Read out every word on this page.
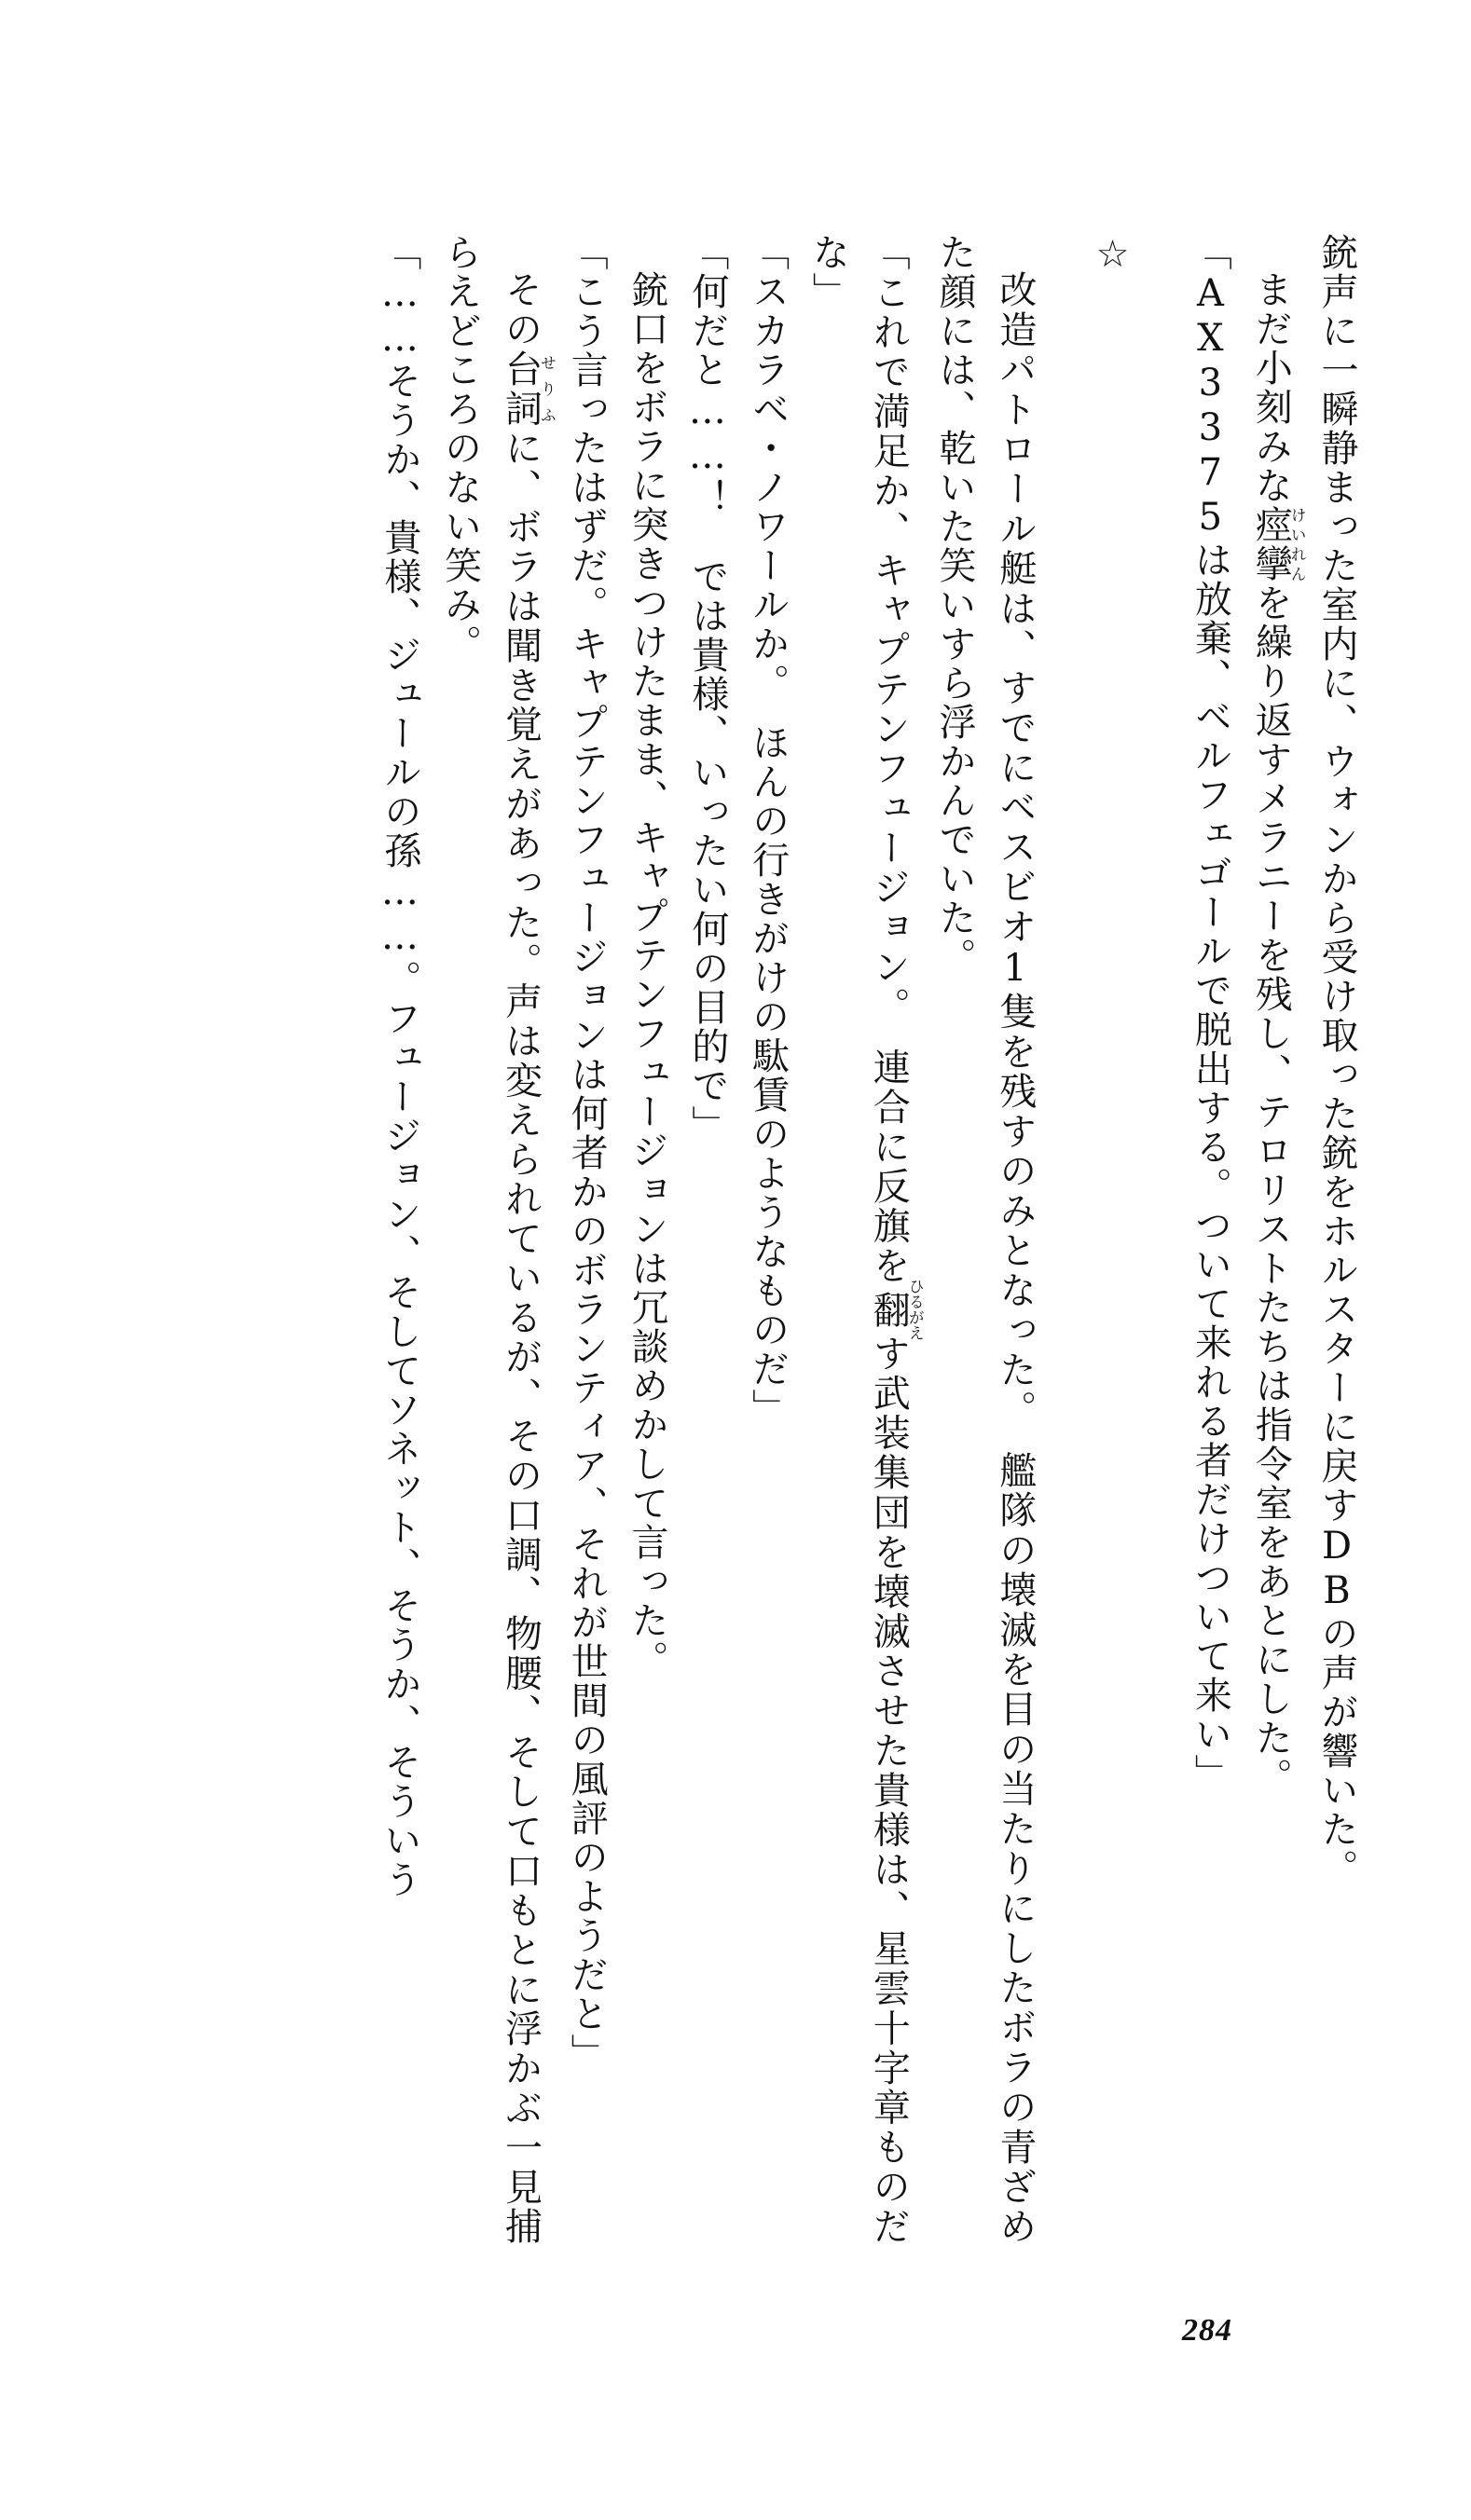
銃声に一瞬静まった室内に、ウォンから受け取った銃をホルスターに戻すDBの声が響いた。

まだ小刻みな痙攣けいれんを繰り返すメラニーを残し、テロリストたちは指令室をあとにした。

「AX3375は放棄、ベルフェゴールで脱出する。ついて来れる者だけついて来い」

☆

改造パトロール艇は、すでにベスビオ1隻を残すのみとなった。　艦隊の壊滅を目の当たりにしたボラの青ざめた顔には、乾いた笑いすら浮かんでいた。

「これで満足か、キャプテンフュージョン。　連合に反旗を翻ひるがえす武装集団を壊滅させた貴様は、星雲十字章ものだな」

「スカラベ・ノワールか。　ほんの行きがけの駄賃のようなものだ」

「何だと……！　では貴様、いったい何の目的で」

銃口をボラに突きつけたまま、キャプテンフュージョンは冗談めかして言った。

「こう言ったはずだ。キャプテンフュージョンは何者かのボランティア、それが世間の風評のようだと」

その台詞せりふに、ボラは聞き覚えがあった。声は変えられているが、その口調、物腰、そして口もとに浮かぶ一見捕らえどころのない笑み。

「……そうか、貴様、ジュールの孫……。フュージョン、そしてソネット、そうか、そういう

284
